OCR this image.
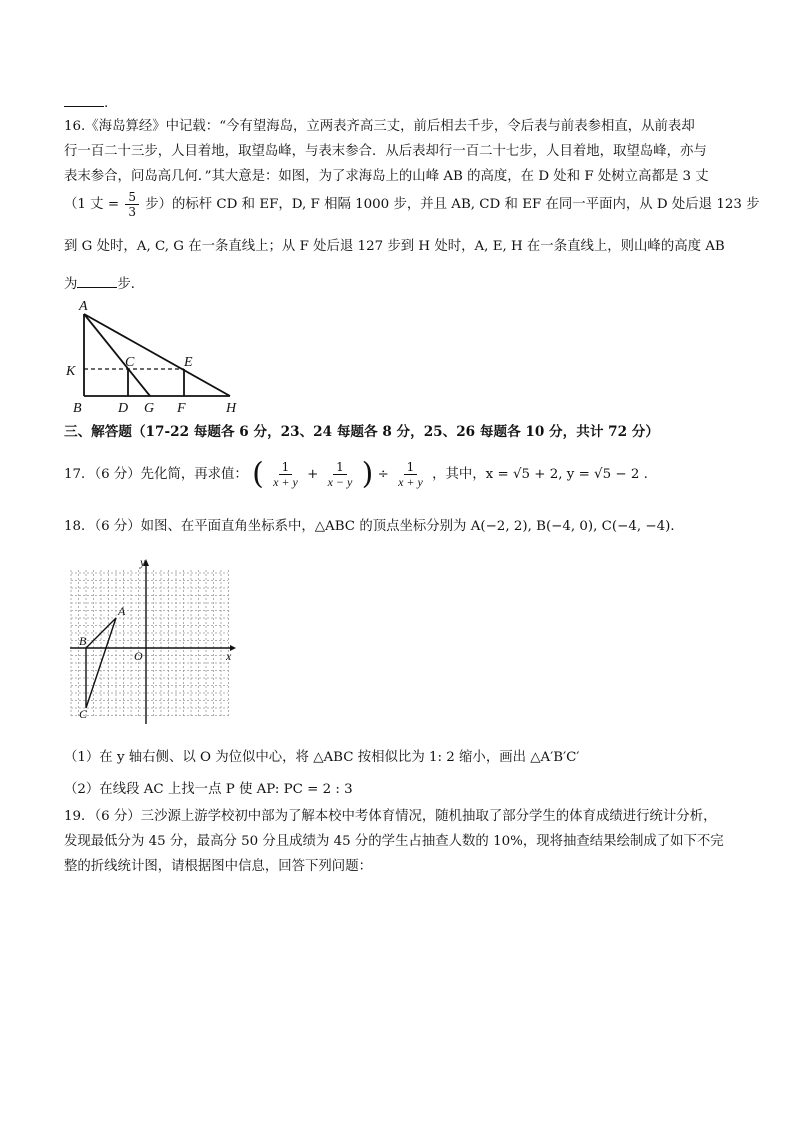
.
16.《海岛算经》中记载：“今有望海岛，立两表齐高三丈，前后相去千步，令后表与前表参相直，从前表却
行一百二十三步，人目着地，取望岛峰，与表末参合．从后表却行一百二十七步，人目着地，取望岛峰，亦与
表末参合，问岛高几何．”其大意是：如图，为了求海岛上的山峰 AB 的高度，在 D 处和 F 处树立高都是 3 丈
（1 丈 = $\frac{5}{3}$ 步）的标杆 CD 和 EF，D, F 相隔 1000 步，并且 AB, CD 和 EF 在同一平面内，从 D 处后退 123 步
到 G 处时，A, C, G 在一条直线上；从 F 处后退 127 步到 H 处时，A, E, H 在一条直线上，则山峰的高度 AB
为	步．
A
K
C	E
B	D G F	H
三、解答题（17-22 每题各 6 分，23、24 每题各 8 分，25、26 每题各 10 分，共计 72 分）
17．（6 分）先化简，再求值： ( $\frac{1}{x + y} + \frac{1}{x - y}$ ) ÷ $\frac{1}{x + y}$ ，其中，x = √5 + 2, y = √5 − 2 .
18．（6 分）如图、在平面直角坐标系中，△ABC 的顶点坐标分别为 A(−2, 2), B(−4, 0), C(−4, −4)．
y
x
O
A
B
C
（1）在 y 轴右侧、以 O 为位似中心，将 △ABC 按相似比为 1: 2 缩小，画出 △A′B′C′
（2）在线段 AC 上找一点 P 使 AP: PC = 2 : 3
19．（6 分）三沙源上游学校初中部为了解本校中考体育情况，随机抽取了部分学生的体育成绩进行统计分析，
发现最低分为 45 分，最高分 50 分且成绩为 45 分的学生占抽查人数的 10%，现将抽查结果绘制成了如下不完
整的折线统计图，请根据图中信息，回答下列问题：
